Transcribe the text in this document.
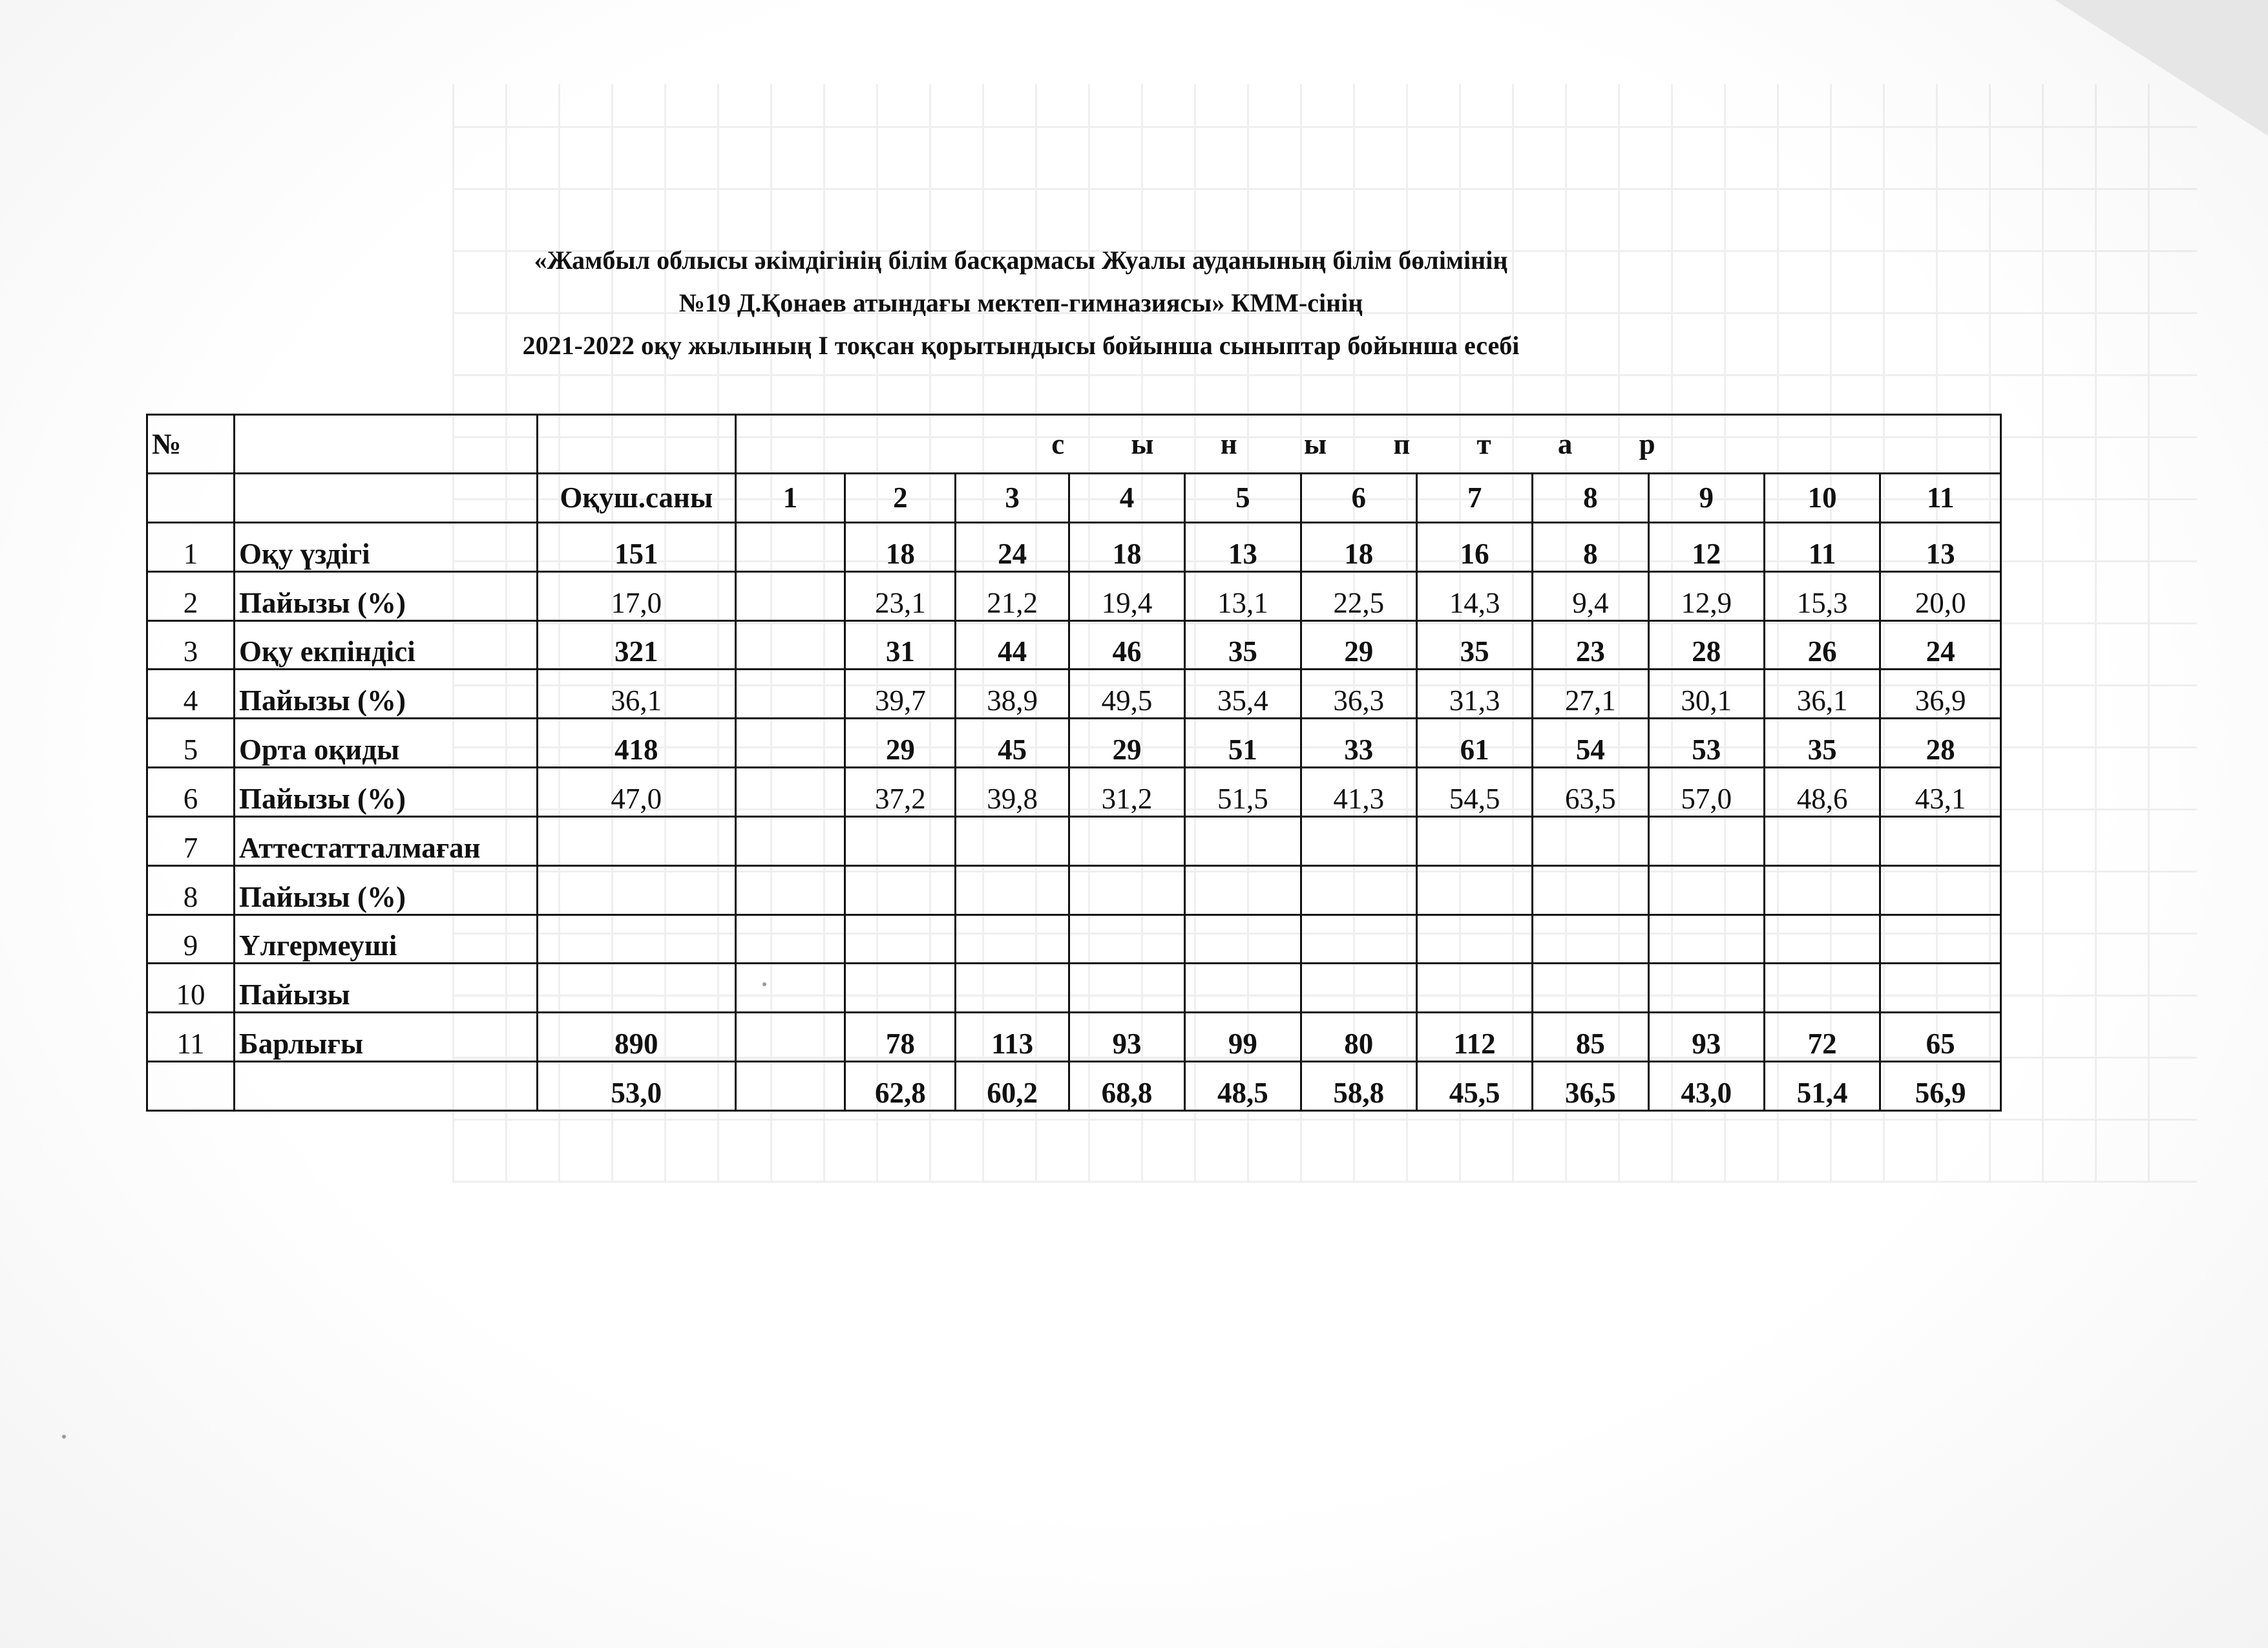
«Жамбыл облысы әкімдігінің білім басқармасы Жуалы ауданының білім бөлімінің
№19 Д.Қонаев атындағы мектеп-гимназиясы» КММ-сінің
2021-2022 оқу жылының І тоқсан қорытындысы бойынша сыныптар бойынша есебі
№			с ы н ы п т а р										
		Оқуш.саны	1	2	3	4	5	6	7	8	9	10	11
1	Оқу үздігі	151		18	24	18	13	18	16	8	12	11	13
2	Пайызы (%)	17,0		23,1	21,2	19,4	13,1	22,5	14,3	9,4	12,9	15,3	20,0
3	Оқу екпіндісі	321		31	44	46	35	29	35	23	28	26	24
4	Пайызы (%)	36,1		39,7	38,9	49,5	35,4	36,3	31,3	27,1	30,1	36,1	36,9
5	Орта оқиды	418		29	45	29	51	33	61	54	53	35	28
6	Пайызы (%)	47,0		37,2	39,8	31,2	51,5	41,3	54,5	63,5	57,0	48,6	43,1
7	Аттестатталмаған												
8	Пайызы (%)												
9	Үлгермеуші												
10	Пайызы												
11	Барлығы	890		78	113	93	99	80	112	85	93	72	65
		53,0		62,8	60,2	68,8	48,5	58,8	45,5	36,5	43,0	51,4	56,9
